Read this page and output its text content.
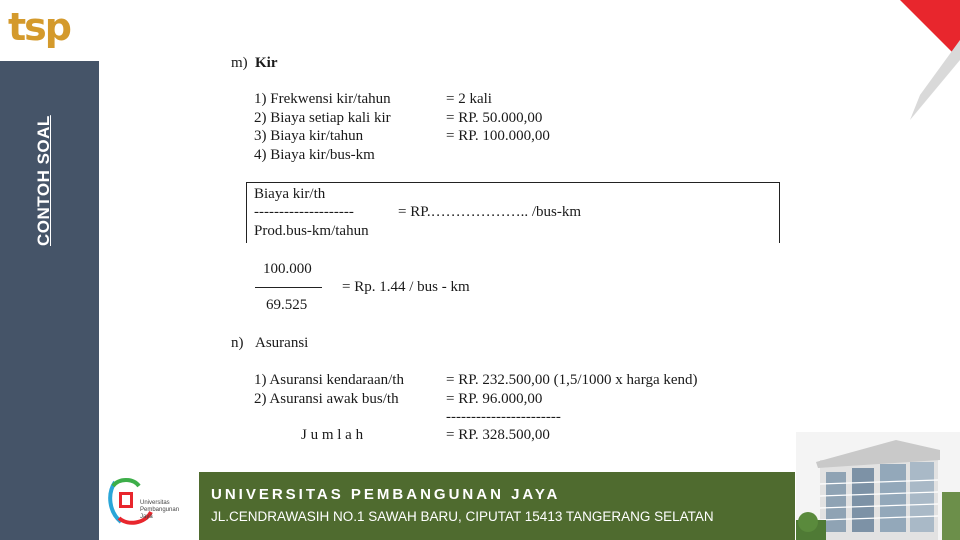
tsp
CONTOH SOAL
m) Kir
1) Frekwensi kir/tahun	= 2 kali
2) Biaya setiap kali kir	= RP. 50.000,00
3) Biaya kir/tahun	= RP. 100.000,00
4) Biaya kir/bus-km
Biaya kir/th
--------------------	= RP.……………….. /bus-km
Prod.bus-km/tahun
100.000
69.525
= Rp. 1.44 / bus - km
n) Asuransi
1) Asuransi kendaraan/th	= RP. 232.500,00 (1,5/1000 x harga kend)
2) Asuransi awak bus/th	= RP. 96.000,00
-----------------------
J u m l a h	= RP. 328.500,00
Universitas Pembangunan Jaya
UNIVERSITAS PEMBANGUNAN JAYA
JL.CENDRAWASIH NO.1 SAWAH BARU, CIPUTAT 15413 TANGERANG SELATAN
